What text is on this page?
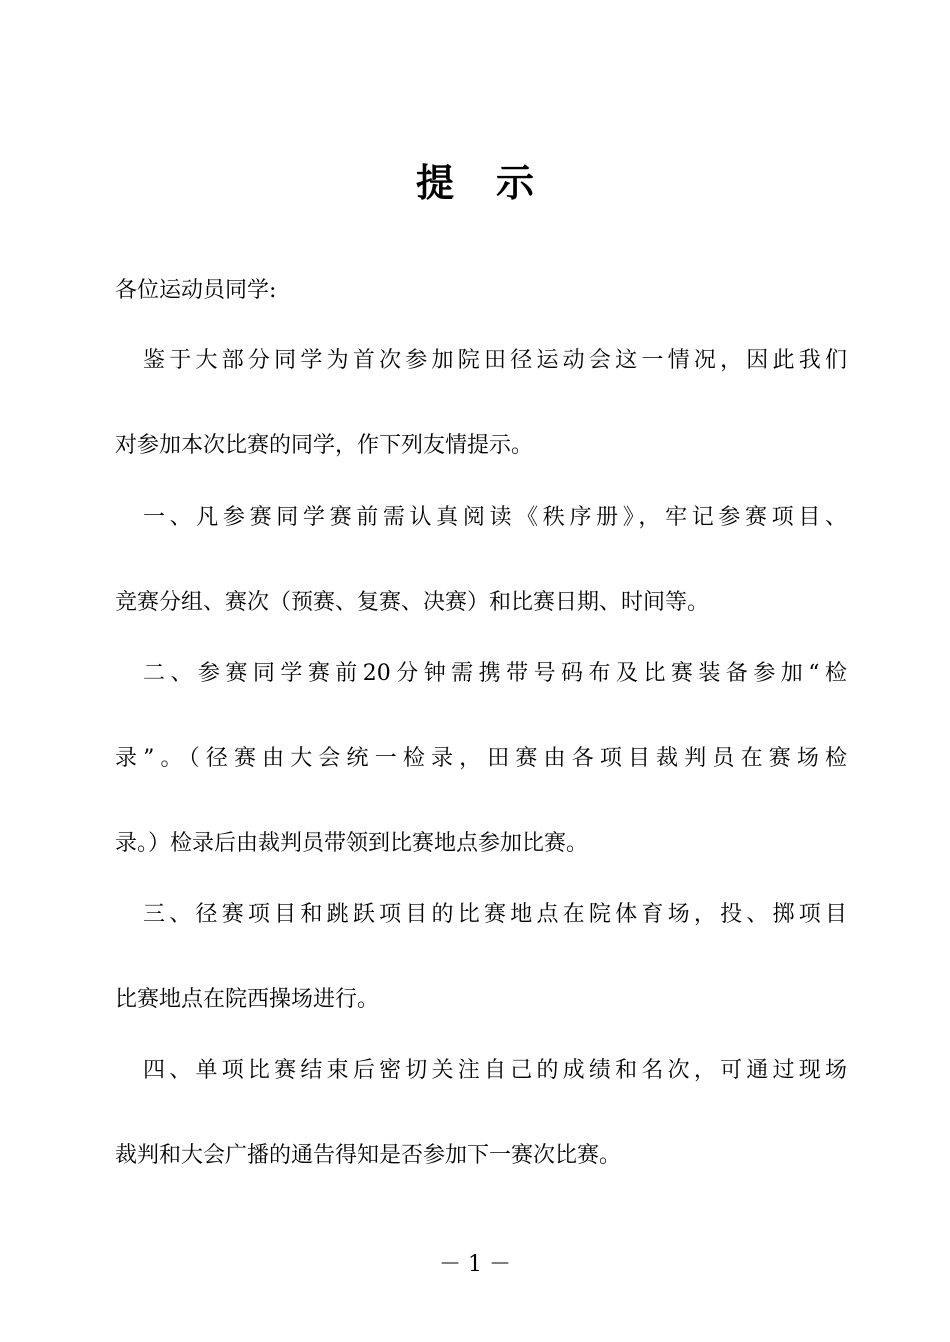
提示
各位运动员同学:
鉴于大部分同学为首次参加院田径运动会这一情况，因此我们
对参加本次比赛的同学，作下列友情提示。
一、凡参赛同学赛前需认真阅读《秩序册》，牢记参赛项目、
竞赛分组、赛次（预赛、复赛、决赛）和比赛日期、时间等。
二、参赛同学赛前20分钟需携带号码布及比赛装备参加“检
录”。（径赛由大会统一检录，田赛由各项目裁判员在赛场检
录。）检录后由裁判员带领到比赛地点参加比赛。
三、径赛项目和跳跃项目的比赛地点在院体育场，投、掷项目
比赛地点在院西操场进行。
四、单项比赛结束后密切关注自己的成绩和名次，可通过现场
裁判和大会广播的通告得知是否参加下一赛次比赛。
－ 1 －
